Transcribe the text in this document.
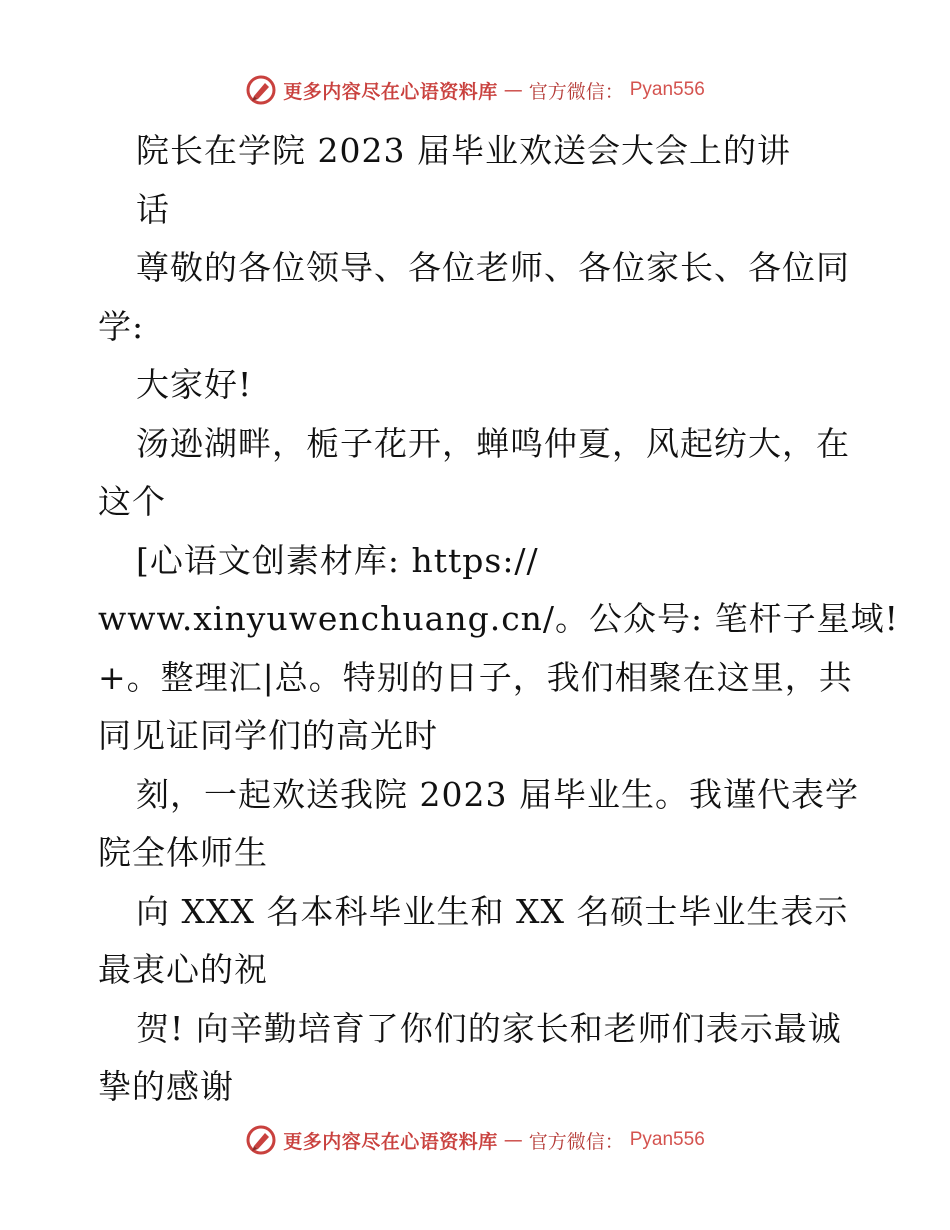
更多内容尽在心语资料库 — 官方微信： Pyan556
院长在学院 2023 届毕业欢送会大会上的讲
话
尊敬的各位领导、各位老师、各位家长、各位同
学:
大家好!
汤逊湖畔，栀子花开，蝉鸣仲夏，风起纺大，在
这个
[心语文创素材库: https://
www.xinyuwenchuang.cn/。公众号: 笔杆子星域!
+。整理汇|总。特别的日子，我们相聚在这里，共
同见证同学们的高光时
刻，一起欢送我院 2023 届毕业生。我谨代表学
院全体师生
向 XXX 名本科毕业生和 XX 名硕士毕业生表示
最衷心的祝
贺! 向辛勤培育了你们的家长和老师们表示最诚
挚的感谢
更多内容尽在心语资料库 — 官方微信： Pyan556
